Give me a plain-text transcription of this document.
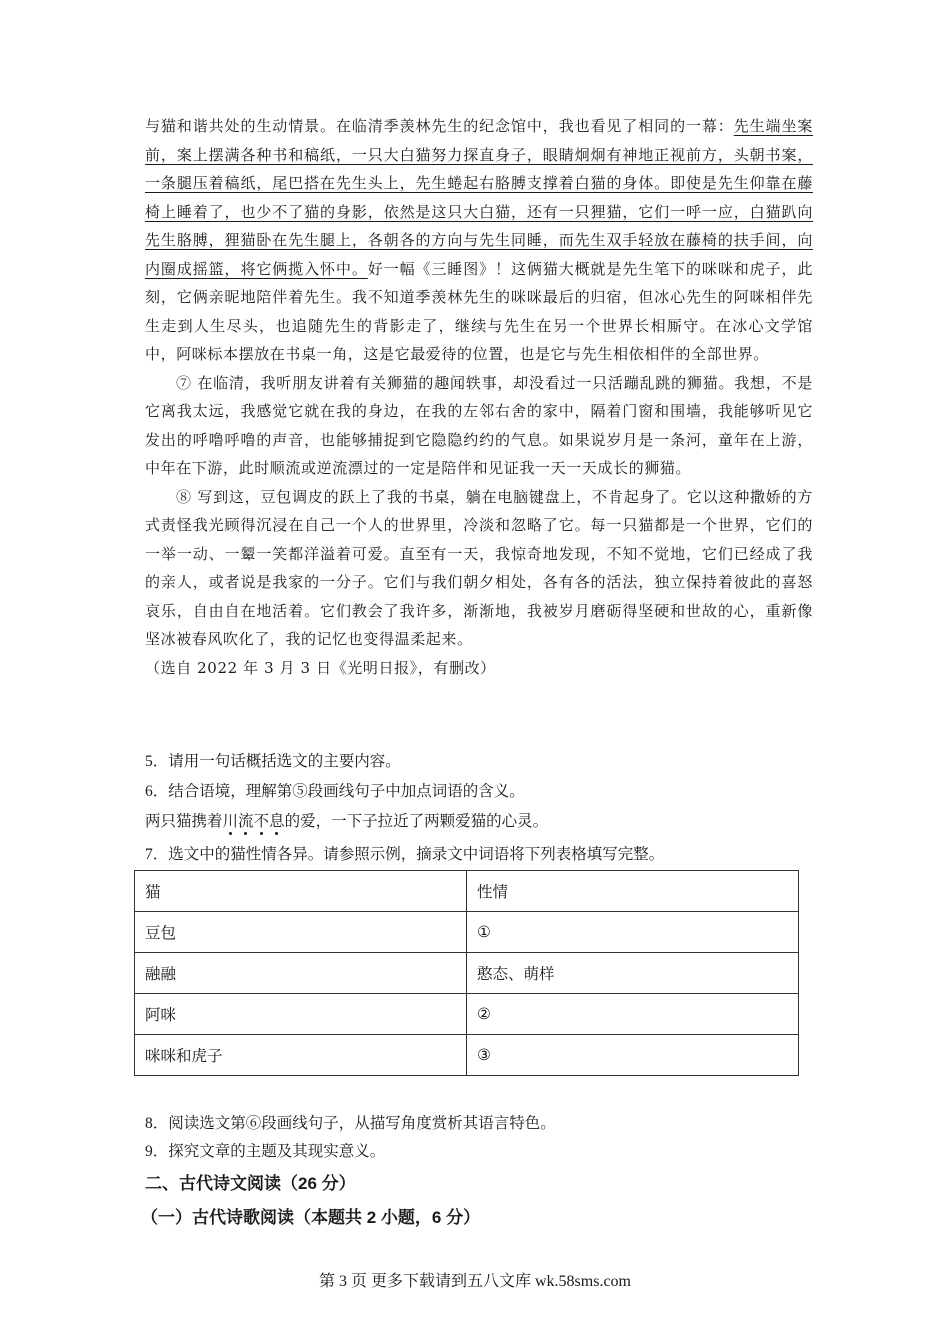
与猫和谐共处的生动情景。在临清季羡林先生的纪念馆中，我也看见了相同的一幕：先生端坐案前，案上摆满各种书和稿纸，一只大白猫努力探直身子，眼睛炯炯有神地正视前方，头朝书案，一条腿压着稿纸，尾巴搭在先生头上，先生蜷起右胳膊支撑着白猫的身体。即使是先生仰靠在藤椅上睡着了，也少不了猫的身影，依然是这只大白猫，还有一只狸猫，它们一呼一应，白猫趴向先生胳膊，狸猫卧在先生腿上，各朝各的方向与先生同睡，而先生双手轻放在藤椅的扶手间，向内圈成摇篮，将它俩揽入怀中。好一幅《三睡图》！这俩猫大概就是先生笔下的咪咪和虎子，此刻，它俩亲昵地陪伴着先生。我不知道季羡林先生的咪咪最后的归宿，但冰心先生的阿咪相伴先生走到人生尽头，也追随先生的背影走了，继续与先生在另一个世界长相厮守。在冰心文学馆中，阿咪标本摆放在书桌一角，这是它最爱待的位置，也是它与先生相依相伴的全部世界。

⑦ 在临清，我听朋友讲着有关狮猫的趣闻轶事，却没看过一只活蹦乱跳的狮猫。我想，不是它离我太远，我感觉它就在我的身边，在我的左邻右舍的家中，隔着门窗和围墙，我能够听见它发出的呼噜呼噜的声音，也能够捕捉到它隐隐约约的气息。如果说岁月是一条河，童年在上游，中年在下游，此时顺流或逆流漂过的一定是陪伴和见证我一天一天成长的狮猫。

⑧ 写到这，豆包调皮的跃上了我的书桌，躺在电脑键盘上，不肯起身了。它以这种撒娇的方式责怪我光顾得沉浸在自己一个人的世界里，冷淡和忽略了它。每一只猫都是一个世界，它们的一举一动、一颦一笑都洋溢着可爱。直至有一天，我惊奇地发现，不知不觉地，它们已经成了我的亲人，或者说是我家的一分子。它们与我们朝夕相处，各有各的活法，独立保持着彼此的喜怒哀乐，自由自在地活着。它们教会了我许多，渐渐地，我被岁月磨砺得坚硬和世故的心，重新像坚冰被春风吹化了，我的记忆也变得温柔起来。

（选自 2022 年 3 月 3 日《光明日报》，有删改）

5．请用一句话概括选文的主要内容。
6．结合语境，理解第⑤段画线句子中加点词语的含义。
两只猫携着川流不息的爱，一下子拉近了两颗爱猫的心灵。
7．选文中的猫性情各异。请参照示例，摘录文中词语将下列表格填写完整。
猫	性情
豆包	①
融融	憨态、萌样
阿咪	②
咪咪和虎子	③
8．阅读选文第⑥段画线句子，从描写角度赏析其语言特色。
9．探究文章的主题及其现实意义。
二、古代诗文阅读（26 分）
（一）古代诗歌阅读（本题共 2 小题，6 分）
第 3 页 更多下载请到五八文库 wk.58sms.com
